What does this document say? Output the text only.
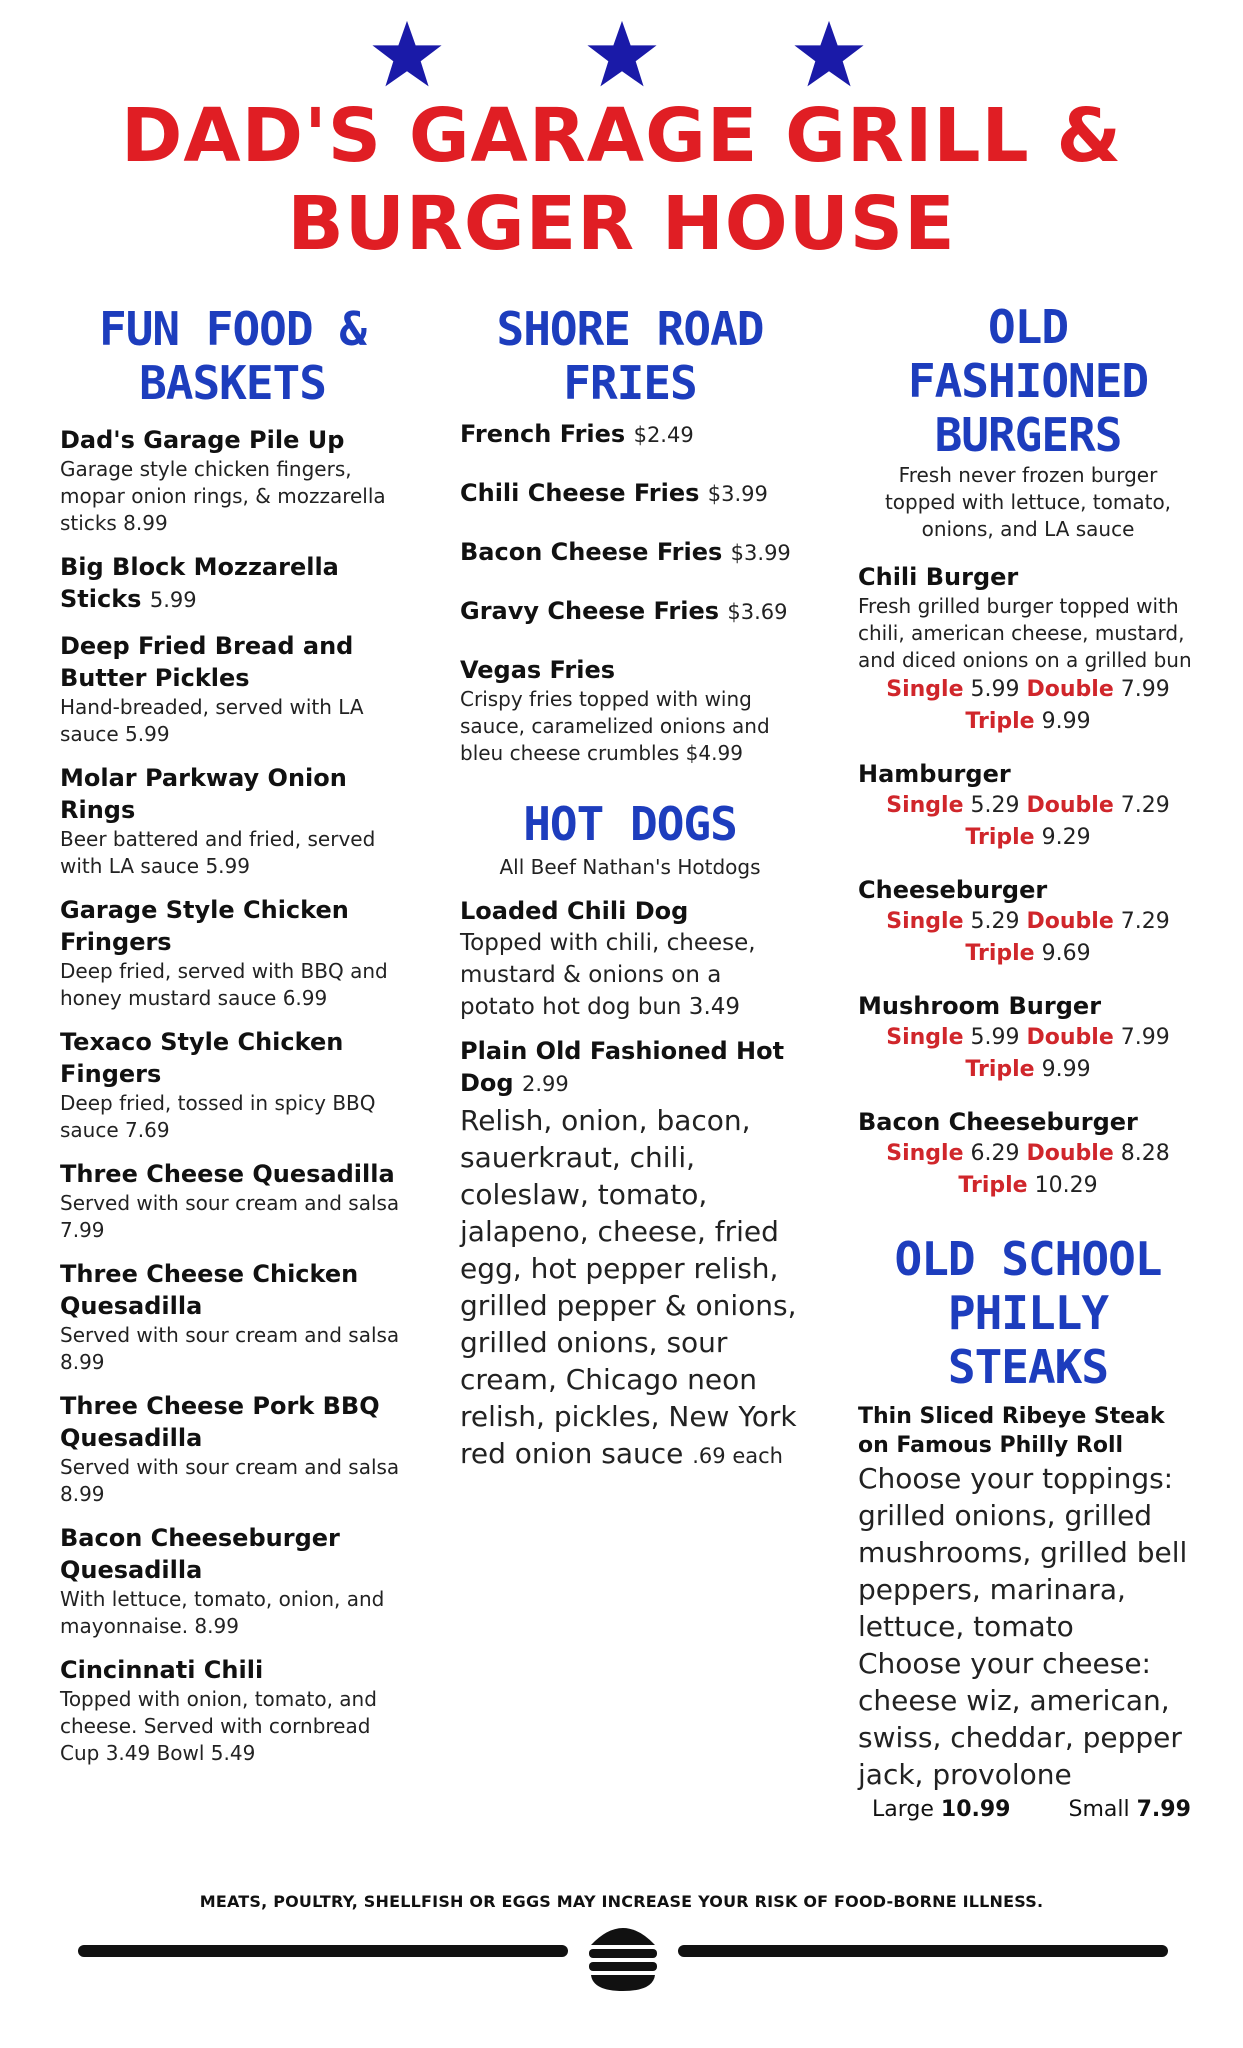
DAD'S GARAGE GRILL &
BURGER HOUSE
FUN FOOD &
BASKETS
Dad's Garage Pile Up
Garage style chicken fingers, mopar onion rings, & mozzarella sticks 8.99
Big Block Mozzarella Sticks 5.99
Deep Fried Bread and Butter Pickles
Hand-breaded, served with LA sauce 5.99
Molar Parkway Onion Rings
Beer battered and fried, served with LA sauce 5.99
Garage Style Chicken Fringers
Deep fried, served with BBQ and honey mustard sauce 6.99
Texaco Style Chicken Fingers
Deep fried, tossed in spicy BBQ sauce 7.69
Three Cheese Quesadilla
Served with sour cream and salsa 7.99
Three Cheese Chicken Quesadilla
Served with sour cream and salsa 8.99
Three Cheese Pork BBQ Quesadilla
Served with sour cream and salsa 8.99
Bacon Cheeseburger Quesadilla
With lettuce, tomato, onion, and mayonnaise. 8.99
Cincinnati Chili
Topped with onion, tomato, and cheese. Served with cornbread Cup 3.49 Bowl 5.49
SHORE ROAD
FRIES
French Fries $2.49
Chili Cheese Fries $3.99
Bacon Cheese Fries $3.99
Gravy Cheese Fries $3.69
Vegas Fries
Crispy fries topped with wing sauce, caramelized onions and bleu cheese crumbles $4.99
HOT DOGS
All Beef Nathan's Hotdogs
Loaded Chili Dog
Topped with chili, cheese, mustard & onions on a potato hot dog bun 3.49
Plain Old Fashioned Hot Dog 2.99
Relish, onion, bacon, sauerkraut, chili, coleslaw, tomato, jalapeno, cheese, fried egg, hot pepper relish, grilled pepper & onions, grilled onions, sour cream, Chicago neon relish, pickles, New York red onion sauce .69 each
OLD
FASHIONED
BURGERS
Fresh never frozen burger topped with lettuce, tomato, onions, and LA sauce
Chili Burger
Fresh grilled burger topped with chili, american cheese, mustard, and diced onions on a grilled bun
Single 5.99 Double 7.99
Triple 9.99
Hamburger
Single 5.29 Double 7.29
Triple 9.29
Cheeseburger
Single 5.29 Double 7.29
Triple 9.69
Mushroom Burger
Single 5.99 Double 7.99
Triple 9.99
Bacon Cheeseburger
Single 6.29 Double 8.28
Triple 10.29
OLD SCHOOL
PHILLY
STEAKS
Thin Sliced Ribeye Steak on Famous Philly Roll
Choose your toppings: grilled onions, grilled mushrooms, grilled bell peppers, marinara, lettuce, tomato
Choose your cheese: cheese wiz, american, swiss, cheddar, pepper jack, provolone
Large 10.99	Small 7.99
MEATS, POULTRY, SHELLFISH OR EGGS MAY INCREASE YOUR RISK OF FOOD-BORNE ILLNESS.
